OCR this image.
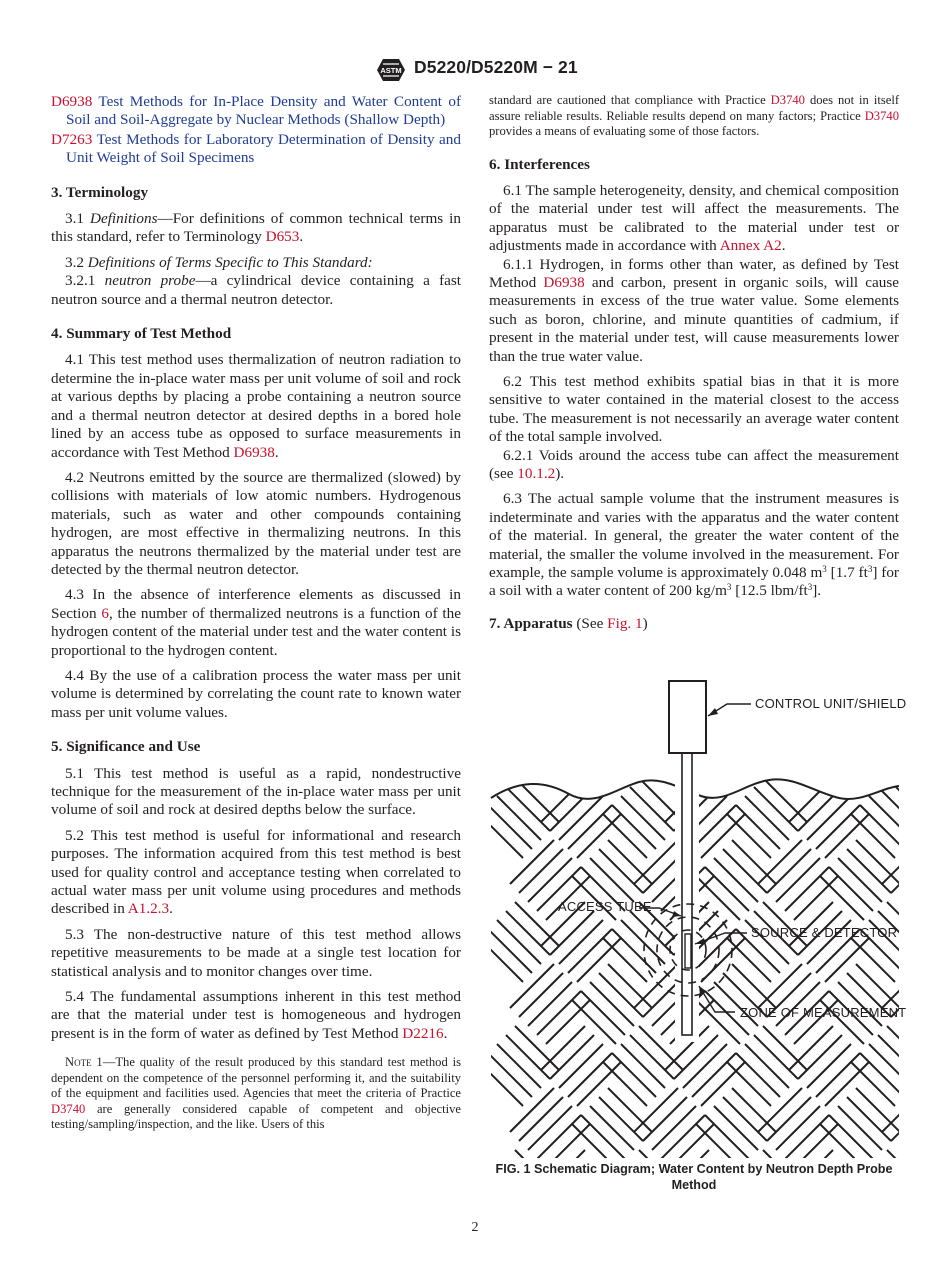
ASTM D5220/D5220M − 21

D6938 Test Methods for In-Place Density and Water Content of Soil and Soil-Aggregate by Nuclear Methods (Shallow Depth)

D7263 Test Methods for Laboratory Determination of Density and Unit Weight of Soil Specimens

3. Terminology

3.1 Definitions—For definitions of common technical terms in this standard, refer to Terminology D653.

3.2 Definitions of Terms Specific to This Standard:

3.2.1 neutron probe—a cylindrical device containing a fast neutron source and a thermal neutron detector.

4. Summary of Test Method

4.1 This test method uses thermalization of neutron radiation to determine the in-place water mass per unit volume of soil and rock at various depths by placing a probe containing a neutron source and a thermal neutron detector at desired depths in a bored hole lined by an access tube as opposed to surface measurements in accordance with Test Method D6938.

4.2 Neutrons emitted by the source are thermalized (slowed) by collisions with materials of low atomic numbers. Hydrogenous materials, such as water and other compounds containing hydrogen, are most effective in thermalizing neutrons. In this apparatus the neutrons thermalized by the material under test are detected by the thermal neutron detector.

4.3 In the absence of interference elements as discussed in Section 6, the number of thermalized neutrons is a function of the hydrogen content of the material under test and the water content is proportional to the hydrogen content.

4.4 By the use of a calibration process the water mass per unit volume is determined by correlating the count rate to known water mass per unit volume values.

5. Significance and Use

5.1 This test method is useful as a rapid, nondestructive technique for the measurement of the in-place water mass per unit volume of soil and rock at desired depths below the surface.

5.2 This test method is useful for informational and research purposes. The information acquired from this test method is best used for quality control and acceptance testing when correlated to actual water mass per unit volume using procedures and methods described in A1.2.3.

5.3 The non-destructive nature of this test method allows repetitive measurements to be made at a single test location for statistical analysis and to monitor changes over time.

5.4 The fundamental assumptions inherent in this test method are that the material under test is homogeneous and hydrogen present is in the form of water as defined by Test Method D2216.

Note 1—The quality of the result produced by this standard test method is dependent on the competence of the personnel performing it, and the suitability of the equipment and facilities used. Agencies that meet the criteria of Practice D3740 are generally considered capable of competent and objective testing/sampling/inspection, and the like. Users of this

standard are cautioned that compliance with Practice D3740 does not in itself assure reliable results. Reliable results depend on many factors; Practice D3740 provides a means of evaluating some of those factors.

6. Interferences

6.1 The sample heterogeneity, density, and chemical composition of the material under test will affect the measurements. The apparatus must be calibrated to the material under test or adjustments made in accordance with Annex A2.

6.1.1 Hydrogen, in forms other than water, as defined by Test Method D6938 and carbon, present in organic soils, will cause measurements in excess of the true water value. Some elements such as boron, chlorine, and minute quantities of cadmium, if present in the material under test, will cause measurements lower than the true water value.

6.2 This test method exhibits spatial bias in that it is more sensitive to water contained in the material closest to the access tube. The measurement is not necessarily an average water content of the total sample involved.

6.2.1 Voids around the access tube can affect the measurement (see 10.1.2).

6.3 The actual sample volume that the instrument measures is indeterminate and varies with the apparatus and the water content of the material. In general, the greater the water content of the material, the smaller the volume involved in the measurement. For example, the sample volume is approximately 0.048 $m^3$ [1.7 $ft^3$] for a soil with a water content of 200 $kg/m^3$ [12.5 lbm/$ft^3$].

7. Apparatus (See Fig. 1)

CONTROL UNIT/SHIELD
ACCESS TUBE
SOURCE & DETECTOR
ZONE OF MEASUREMENT
FIG. 1 Schematic Diagram; Water Content by Neutron Depth Probe Method
2
